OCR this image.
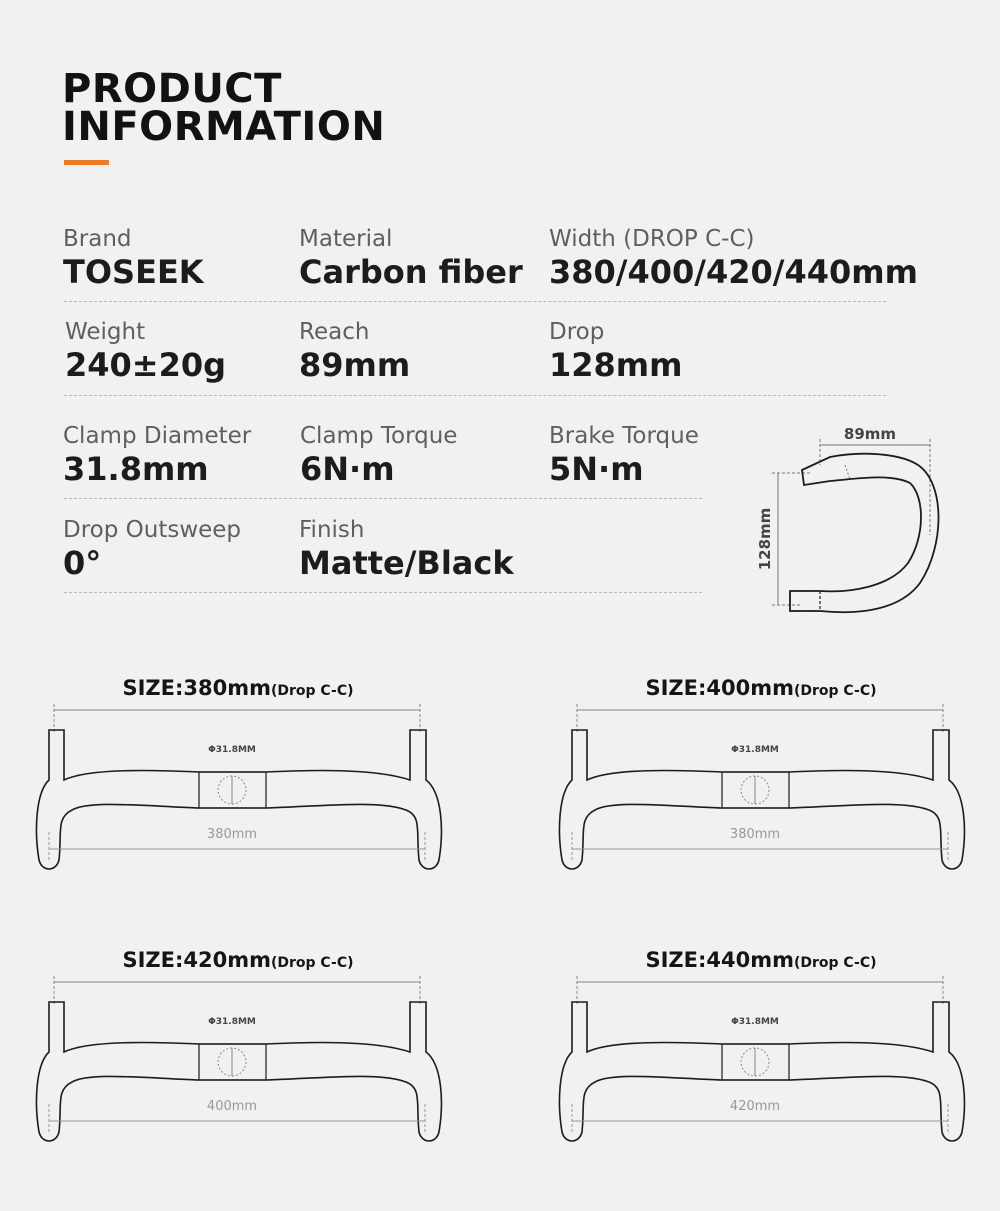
PRODUCT
INFORMATION
Brand
TOSEEK
Material
Carbon fiber
Width (DROP C-C)
380/400/420/440mm
Weight
240±20g
Reach
89mm
Drop
128mm
Clamp Diameter
31.8mm
Clamp Torque
6N·m
Brake Torque
5N·m
Drop Outsweep
0°
Finish
Matte/Black
89mm
128mm
SIZE:380mm(Drop C-C)
Φ31.8MM
380mm
SIZE:400mm(Drop C-C)
Φ31.8MM
380mm
SIZE:420mm(Drop C-C)
Φ31.8MM
400mm
SIZE:440mm(Drop C-C)
Φ31.8MM
420mm
